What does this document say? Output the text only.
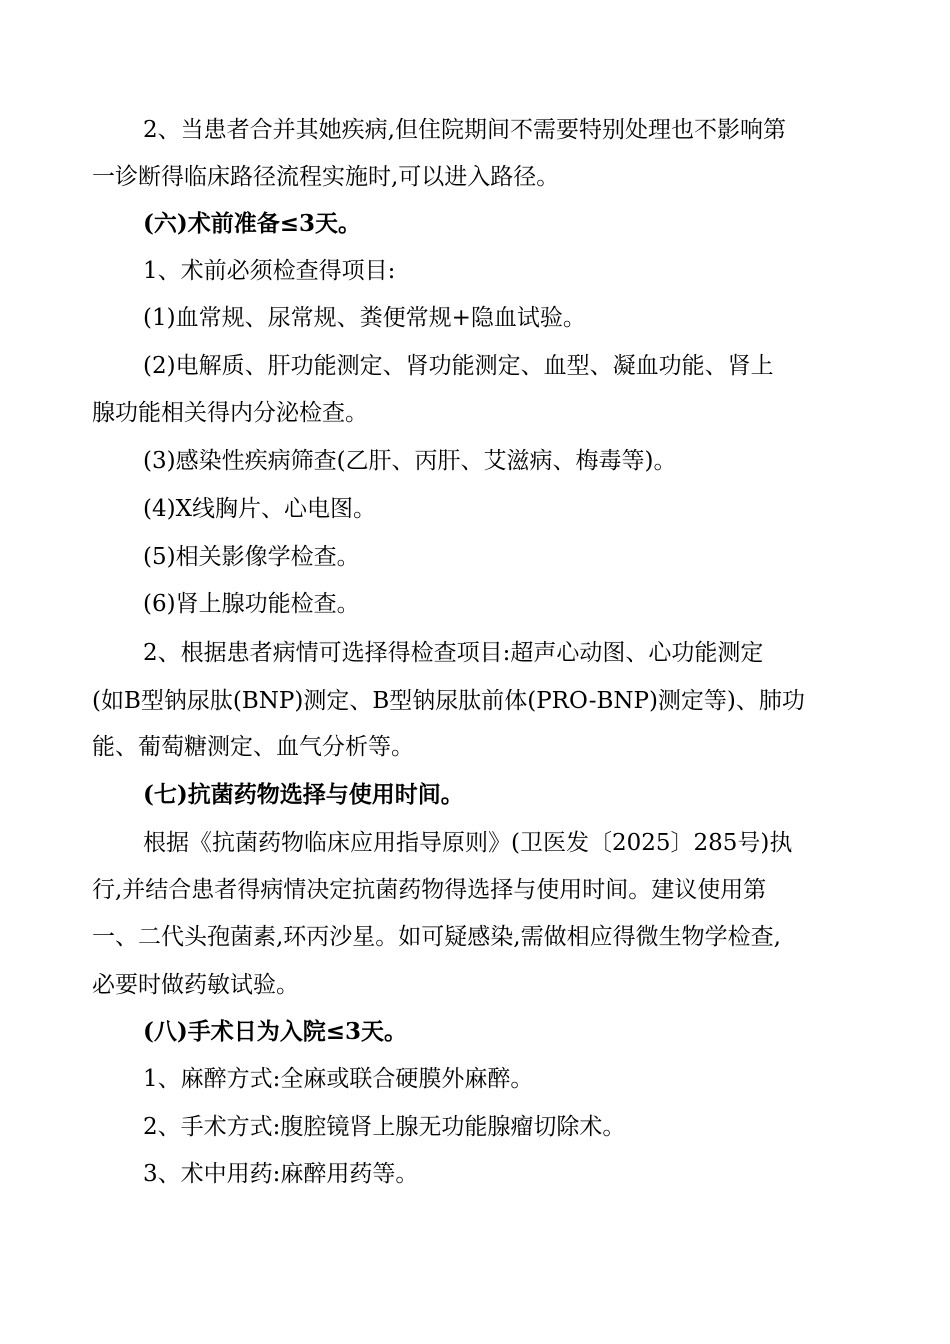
2、当患者合并其她疾病,但住院期间不需要特别处理也不影响第
一诊断得临床路径流程实施时,可以进入路径。
(六)术前准备≤3天。
1、术前必须检查得项目:
(1)血常规、尿常规、粪便常规+隐血试验。
(2)电解质、肝功能测定、肾功能测定、血型、凝血功能、肾上
腺功能相关得内分泌检查。
(3)感染性疾病筛查(乙肝、丙肝、艾滋病、梅毒等)。
(4)X线胸片、心电图。
(5)相关影像学检查。
(6)肾上腺功能检查。
2、根据患者病情可选择得检查项目:超声心动图、心功能测定
(如B型钠尿肽(BNP)测定、B型钠尿肽前体(PRO-BNP)测定等)、肺功
能、葡萄糖测定、血气分析等。
(七)抗菌药物选择与使用时间。
根据《抗菌药物临床应用指导原则》(卫医发〔2025〕285号)执
行,并结合患者得病情决定抗菌药物得选择与使用时间。建议使用第
一、二代头孢菌素,环丙沙星。如可疑感染,需做相应得微生物学检查,
必要时做药敏试验。
(八)手术日为入院≤3天。
1、麻醉方式:全麻或联合硬膜外麻醉。
2、手术方式:腹腔镜肾上腺无功能腺瘤切除术。
3、术中用药:麻醉用药等。
